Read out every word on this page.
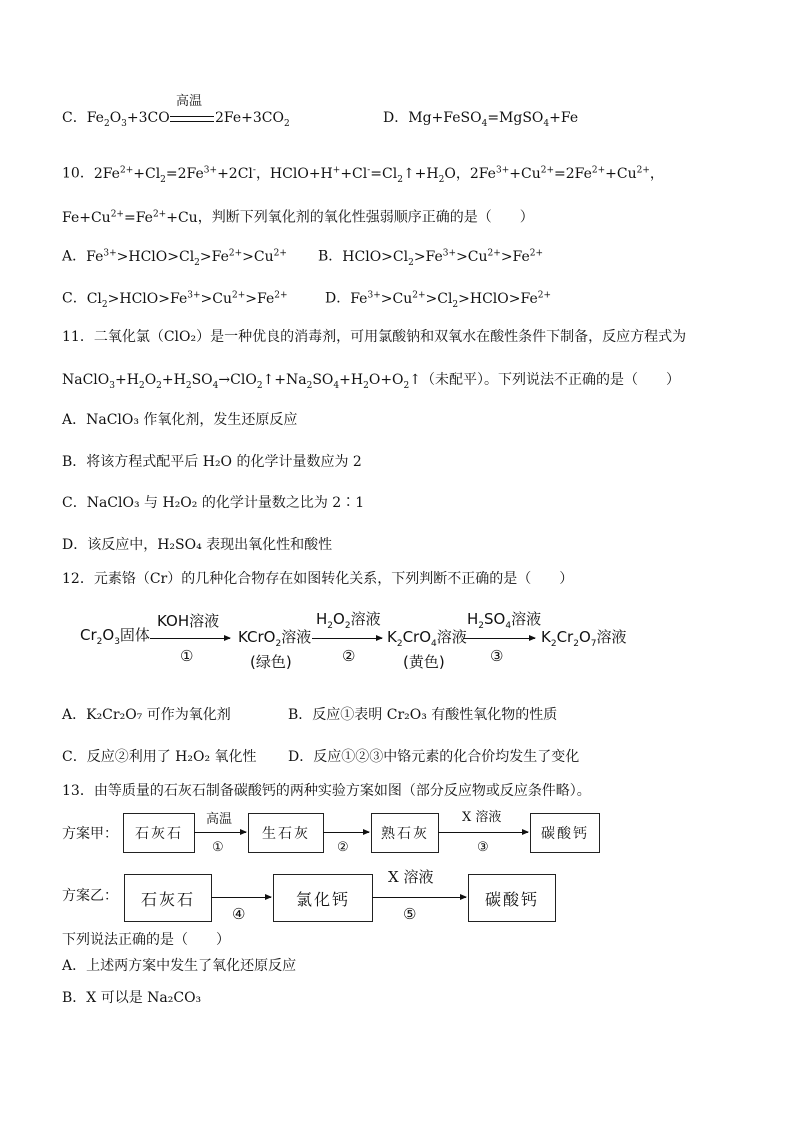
C．$Fe_2O_3+3CO$
高温
$2Fe+3CO_2$	D．Mg+FeSO$_4$=MgSO$_4$+Fe
10．$2Fe^{2+}+Cl_2=2Fe^{3+}+2Cl^-$，$HClO+H^++Cl^-=Cl_2↑+H_2O$，$2Fe^{3+}+Cu^{2+}=2Fe^{2+}+Cu^{2+}$，
$Fe+Cu^{2+}=Fe^{2+}+Cu$，判断下列氧化剂的氧化性强弱顺序正确的是（　　）
A．$Fe^{3+}>HClO>Cl_2>Fe^{2+}>Cu^{2+}$ B．$HClO>Cl_2>Fe^{3+}>Cu^{2+}>Fe^{2+}$
C．$Cl_2>HClO>Fe^{3+}>Cu^{2+}>Fe^{2+}$	D．$Fe^{3+}>Cu^{2+}>Cl_2>HClO>Fe^{2+}$
11．二氧化氯（ClO₂）是一种优良的消毒剂，可用氯酸钠和双氧水在酸性条件下制备，反应方程式为
$NaClO_3+H_2O_2+H_2SO_4\to ClO_2↑+Na_2SO_4+H_2O+O_2↑$（未配平）。下列说法不正确的是（　　）
A．NaClO₃ 作氧化剂，发生还原反应
B．将该方程式配平后 H₂O 的化学计量数应为 2
C．NaClO₃ 与 H₂O₂ 的化学计量数之比为 2∶1
D．该反应中，H₂SO₄ 表现出氧化性和酸性
12．元素铬（Cr）的几种化合物存在如图转化关系，下列判断不正确的是（　　）
$Cr_2O_3$固体
KOH溶液
①
KCrO$_2$溶液
(绿色)
$H_2O_2$溶液
②
$K_2CrO_4$溶液
(黄色)
$H_2SO_4$溶液
③
$K_2Cr_2O_7$溶液
A．K₂Cr₂O₇ 可作为氧化剂	B．反应①表明 Cr₂O₃ 有酸性氧化物的性质
C．反应②利用了 H₂O₂ 氧化性 D．反应①②③中铬元素的化合价均发生了变化
13．由等质量的石灰石制备碳酸钙的两种实验方案如图（部分反应物或反应条件略）。
方案甲：	石灰石
高温
①
生石灰
②
熟石灰
X 溶液
③
碳酸钙
方案乙：	石灰石
④
氯化钙
X 溶液
⑤
碳酸钙
下列说法正确的是（　　）
A．上述两方案中发生了氧化还原反应
B．X 可以是 Na₂CO₃
